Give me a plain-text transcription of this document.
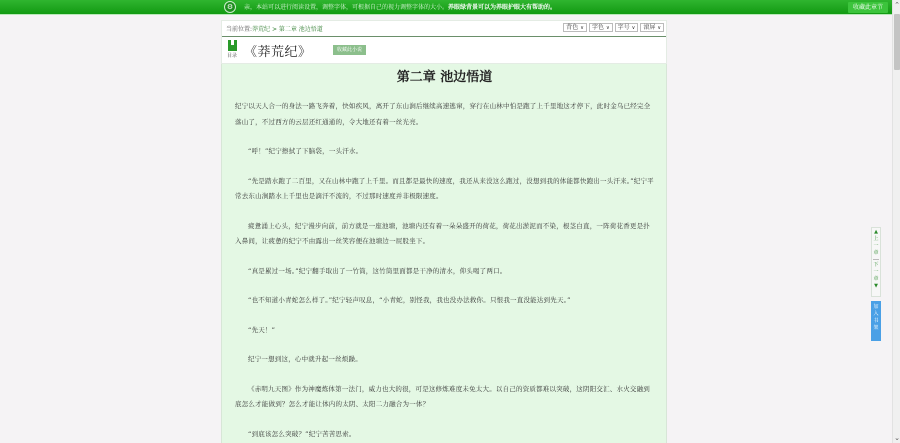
⚙	亲，本站可以进行阅读设置，调整字体，可根据自己的视力调整字体的大小。养眼绿背景可以为养眼护眼大有帮助的。	收藏此章节	⌃
⌄
当前位置:莽荒纪 > 第二章 池边悟道	背色 ∨	字色 ∨	字号 ∨	滚屏 ∨
目录 《莽荒纪》	收藏此小说
第二章 池边悟道

纪宁以天人合一的身法一路飞奔着，快如疾风，离开了东山涧后继续高速逃窜，穿行在山林中怕是跑了上千里地这才停下，此时金乌已经完全落山了，不过西方的云层还红通通的，令大地还有着一丝光亮。

“呼！”纪宁擦拭了下脑袋，一头汗水。

“先是踏水跑了二百里，又在山林中跑了上千里。而且都是最快的速度，我还从来没这么跑过，没想到我的体能都快跑出一头汗来。”纪宁平常去东山涧踏水上千里也是滴汗不流的，不过那时速度并非极限速度。

疲惫涌上心头，纪宁漫步向前，前方就是一座池塘，池塘内还有着一朵朵盛开的荷花，荷花出淤泥而不染，根茎白直，一阵荷花香更是扑入鼻间，让疲惫的纪宁不由露出一丝笑容便在池塘边一屁股坐下。

“真是累过一场。”纪宁翻手取出了一竹筒，这竹筒里面都是干净的清水，仰头喝了两口。

“也不知道小青蛇怎么样了。”纪宁轻声叹息，“小青蛇，别怪我，我也没办法救你。只恨我一直没能达到先天。”

“先天！”

纪宁一想到这，心中就升起一丝烦躁。

《赤明九天图》作为神魔炼体第一法门，威力也大的很，可是这修炼难度未免太大。以自己的资质都难以突破，这阴阳交汇、水火交融到底怎么才能做到？怎么才能让体内的太阴、太阳二力融合为一体？

“到底该怎么突破？”纪宁苦苦思索。

▲
上一章
下一章
▼
加入书架
